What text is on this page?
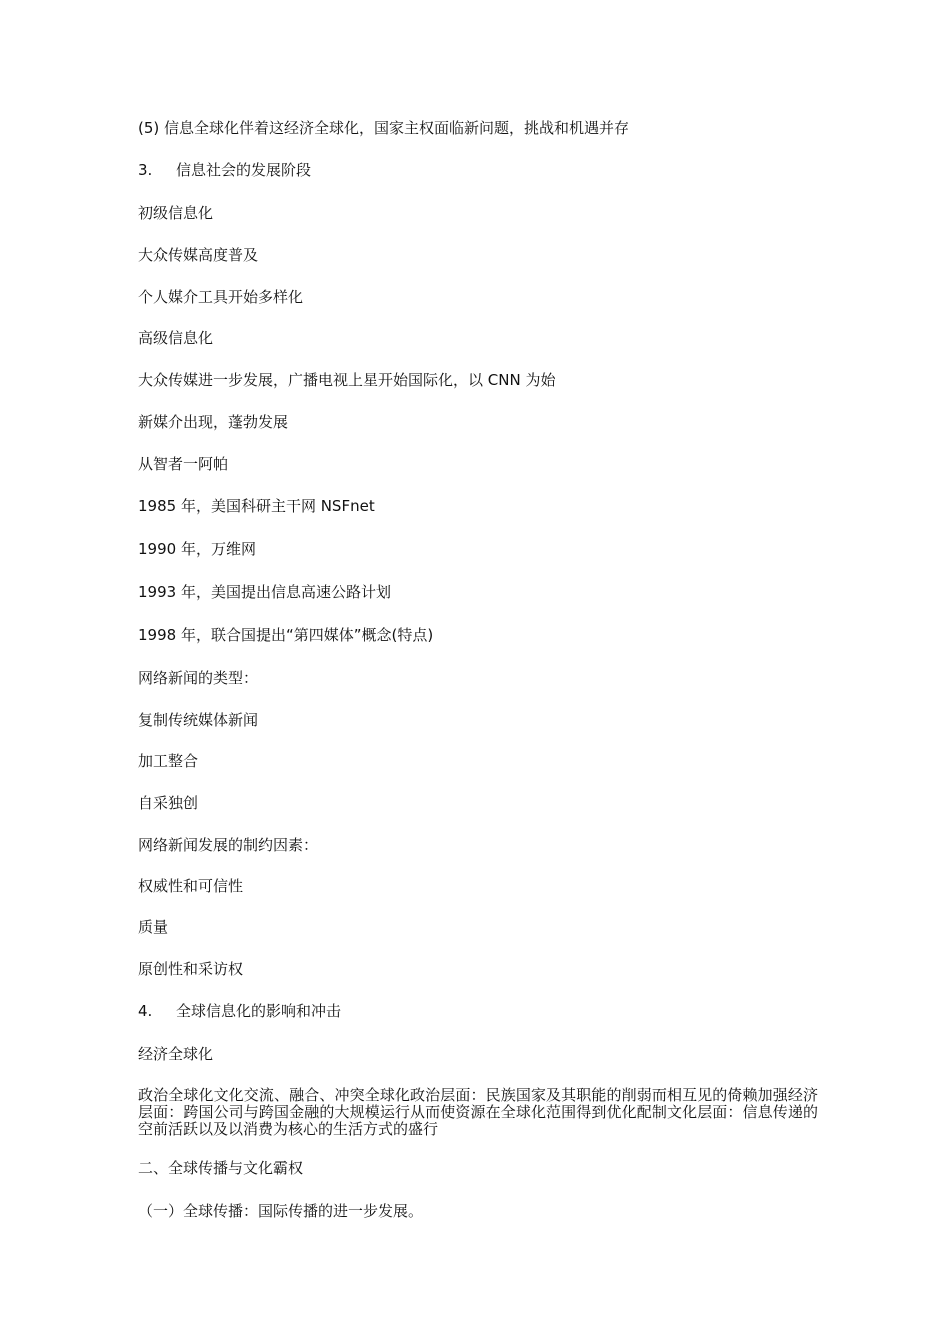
(5) 信息全球化伴着这经济全球化，国家主权面临新问题，挑战和机遇并存
3. 信息社会的发展阶段
初级信息化
大众传媒高度普及
个人媒介工具开始多样化
高级信息化
大众传媒进一步发展，广播电视上星开始国际化，以 CNN 为始
新媒介出现，蓬勃发展
从智者一阿帕
1985 年，美国科研主干网 NSFnet
1990 年，万维网
1993 年，美国提出信息高速公路计划
1998 年，联合国提出“第四媒体”概念(特点)
网络新闻的类型：
复制传统媒体新闻
加工整合
自采独创
网络新闻发展的制约因素：
权威性和可信性
质量
原创性和采访权
4. 全球信息化的影响和冲击
经济全球化
政治全球化文化交流、融合、冲突全球化政治层面：民族国家及其职能的削弱而相互见的倚赖加强经济层面：跨国公司与跨国金融的大规模运行从而使资源在全球化范围得到优化配制文化层面：信息传递的空前活跃以及以消费为核心的生活方式的盛行
二、全球传播与文化霸权
（一）全球传播：国际传播的进一步发展。
